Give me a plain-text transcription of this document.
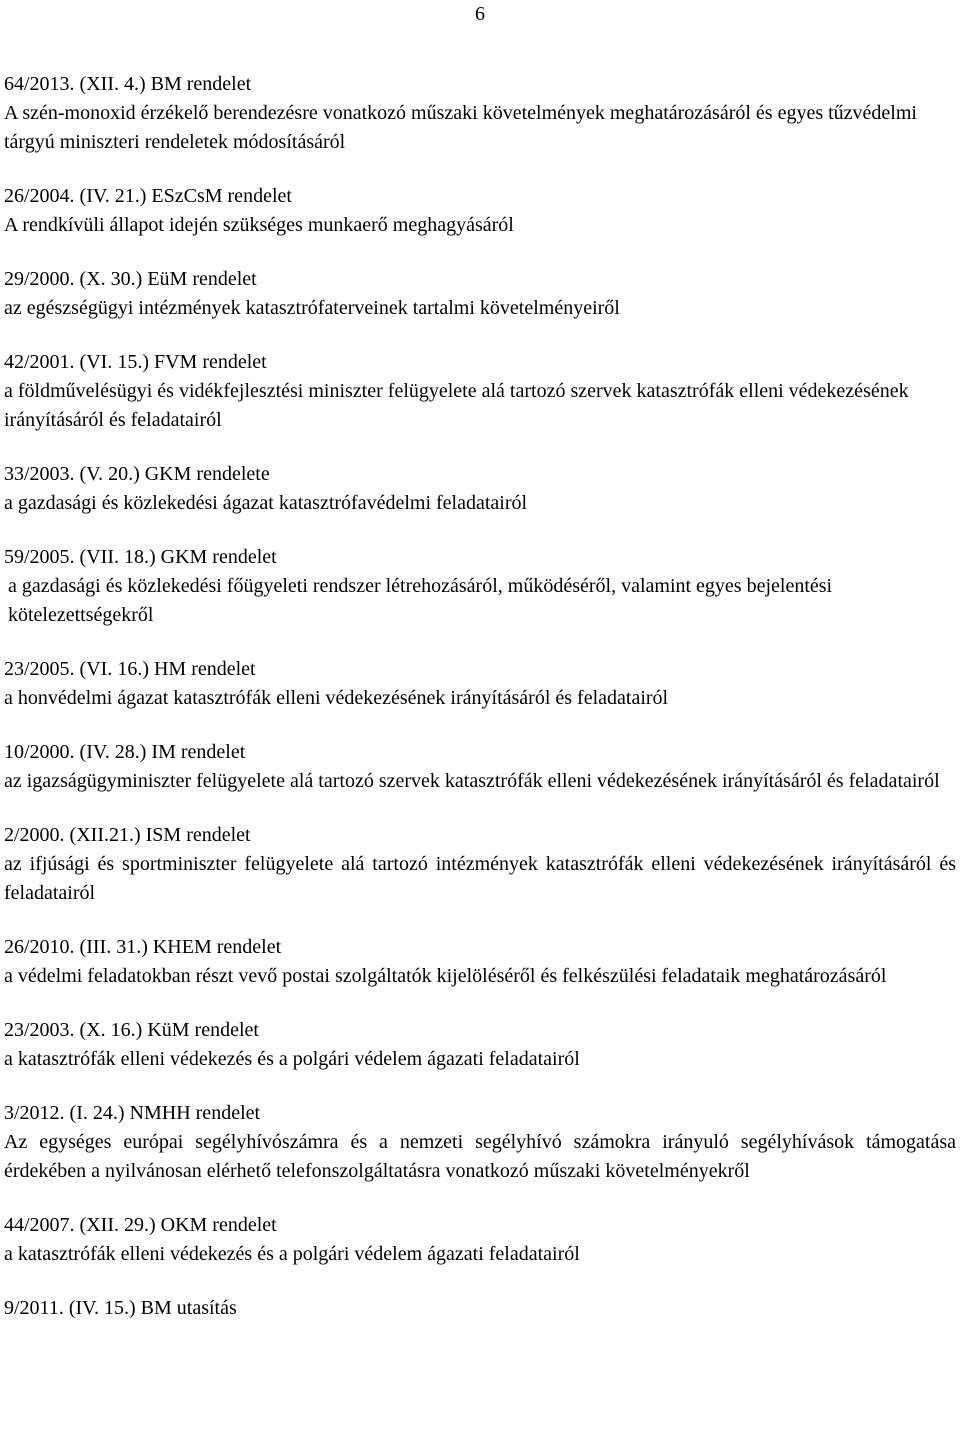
6

64/2013. (XII. 4.) BM rendelet

A szén-monoxid érzékelő berendezésre vonatkozó műszaki követelmények meghatározásáról és egyes tűzvédelmi tárgyú miniszteri rendeletek módosításáról

26/2004. (IV. 21.) ESzCsM rendelet

A rendkívüli állapot idején szükséges munkaerő meghagyásáról

29/2000. (X. 30.) EüM rendelet

az egészségügyi intézmények katasztrófaterveinek tartalmi követelményeiről

42/2001. (VI. 15.) FVM rendelet

a földművelésügyi és vidékfejlesztési miniszter felügyelete alá tartozó szervek katasztrófák elleni védekezésének irányításáról és feladatairól

33/2003. (V. 20.) GKM rendelete

a gazdasági és közlekedési ágazat katasztrófavédelmi feladatairól

59/2005. (VII. 18.) GKM rendelet

a gazdasági és közlekedési főügyeleti rendszer létrehozásáról, működéséről, valamint egyes bejelentési kötelezettségekről

23/2005. (VI. 16.) HM rendelet

a honvédelmi ágazat katasztrófák elleni védekezésének irányításáról és feladatairól

10/2000. (IV. 28.) IM rendelet

az igazságügyminiszter felügyelete alá tartozó szervek katasztrófák elleni védekezésének irányításáról és feladatairól

2/2000. (XII.21.) ISM rendelet

az ifjúsági és sportminiszter felügyelete alá tartozó intézmények katasztrófák elleni védekezésének irányításáról és feladatairól

26/2010. (III. 31.) KHEM rendelet

a védelmi feladatokban részt vevő postai szolgáltatók kijelöléséről és felkészülési feladataik meghatározásáról

23/2003. (X. 16.) KüM rendelet

a katasztrófák elleni védekezés és a polgári védelem ágazati feladatairól

3/2012. (I. 24.) NMHH rendelet

Az egységes európai segélyhívószámra és a nemzeti segélyhívó számokra irányuló segélyhívások támogatása érdekében a nyilvánosan elérhető telefonszolgáltatásra vonatkozó műszaki követelményekről

44/2007. (XII. 29.) OKM rendelet

a katasztrófák elleni védekezés és a polgári védelem ágazati feladatairól

9/2011. (IV. 15.) BM utasítás
